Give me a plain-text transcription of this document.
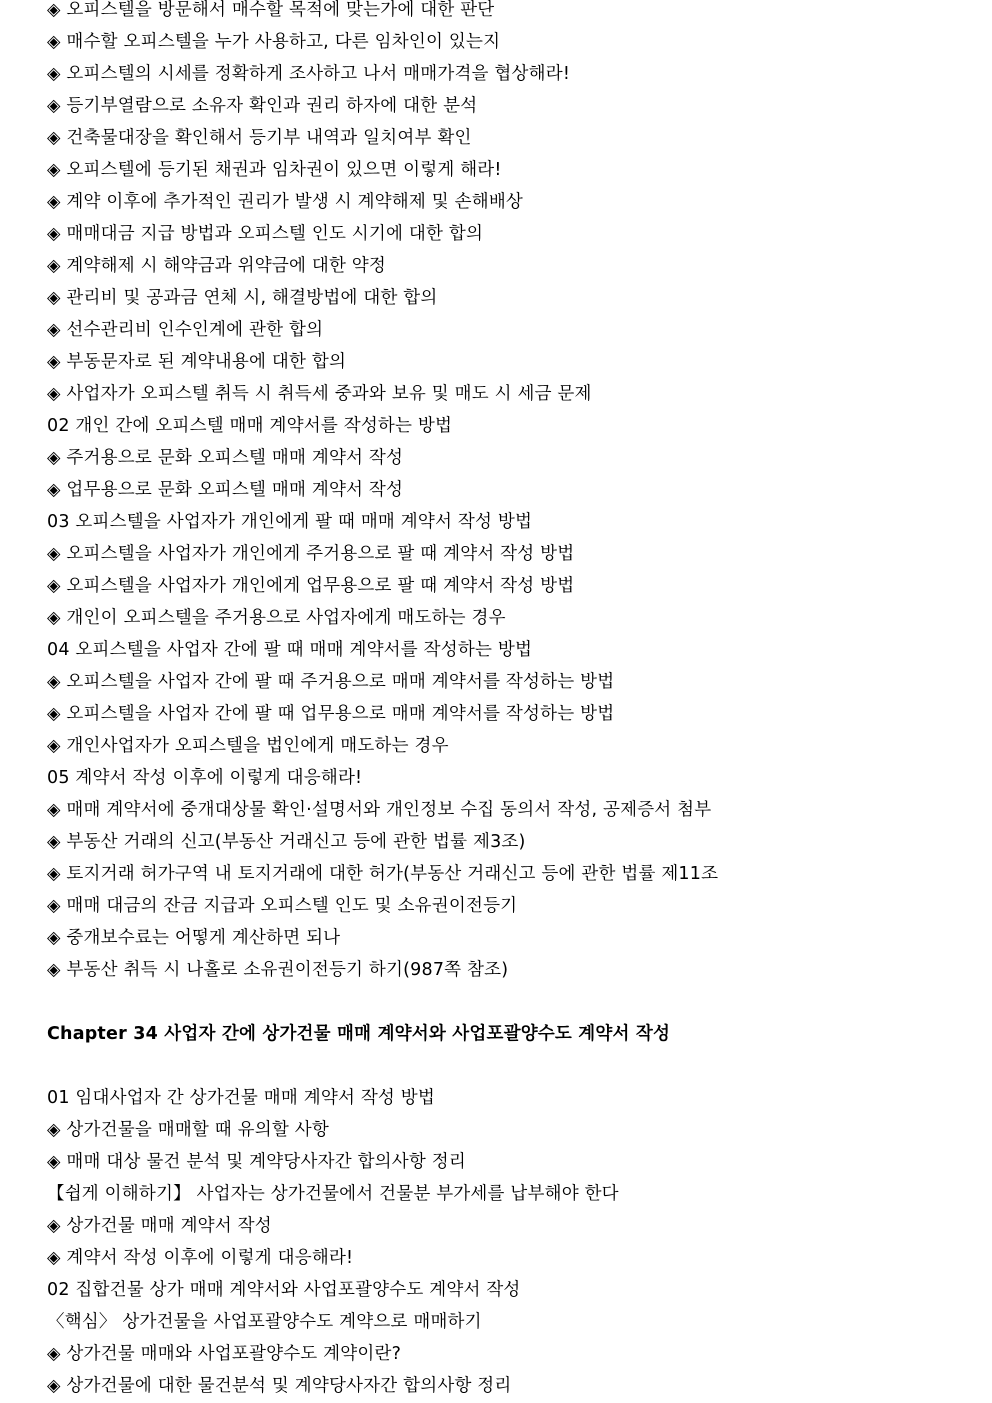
◈ 오피스텔을 방문해서 매수할 목적에 맞는가에 대한 판단
◈ 매수할 오피스텔을 누가 사용하고, 다른 임차인이 있는지
◈ 오피스텔의 시세를 정확하게 조사하고 나서 매매가격을 협상해라!
◈ 등기부열람으로 소유자 확인과 권리 하자에 대한 분석
◈ 건축물대장을 확인해서 등기부 내역과 일치여부 확인
◈ 오피스텔에 등기된 채권과 임차권이 있으면 이렇게 해라!
◈ 계약 이후에 추가적인 권리가 발생 시 계약해제 및 손해배상
◈ 매매대금 지급 방법과 오피스텔 인도 시기에 대한 합의
◈ 계약해제 시 해약금과 위약금에 대한 약정
◈ 관리비 및 공과금 연체 시, 해결방법에 대한 합의
◈ 선수관리비 인수인계에 관한 합의
◈ 부동문자로 된 계약내용에 대한 합의
◈ 사업자가 오피스텔 취득 시 취득세 중과와 보유 및 매도 시 세금 문제
02 개인 간에 오피스텔 매매 계약서를 작성하는 방법
◈ 주거용으로 문화 오피스텔 매매 계약서 작성
◈ 업무용으로 문화 오피스텔 매매 계약서 작성
03 오피스텔을 사업자가 개인에게 팔 때 매매 계약서 작성 방법
◈ 오피스텔을 사업자가 개인에게 주거용으로 팔 때 계약서 작성 방법
◈ 오피스텔을 사업자가 개인에게 업무용으로 팔 때 계약서 작성 방법
◈ 개인이 오피스텔을 주거용으로 사업자에게 매도하는 경우
04 오피스텔을 사업자 간에 팔 때 매매 계약서를 작성하는 방법
◈ 오피스텔을 사업자 간에 팔 때 주거용으로 매매 계약서를 작성하는 방법
◈ 오피스텔을 사업자 간에 팔 때 업무용으로 매매 계약서를 작성하는 방법
◈ 개인사업자가 오피스텔을 법인에게 매도하는 경우
05 계약서 작성 이후에 이렇게 대응해라!
◈ 매매 계약서에 중개대상물 확인·설명서와 개인정보 수집 동의서 작성, 공제증서 첨부
◈ 부동산 거래의 신고(부동산 거래신고 등에 관한 법률 제3조)
◈ 토지거래 허가구역 내 토지거래에 대한 허가(부동산 거래신고 등에 관한 법률 제11조
◈ 매매 대금의 잔금 지급과 오피스텔 인도 및 소유권이전등기
◈ 중개보수료는 어떻게 계산하면 되나
◈ 부동산 취득 시 나홀로 소유권이전등기 하기(987쪽 참조)
Chapter 34 사업자 간에 상가건물 매매 계약서와 사업포괄양수도 계약서 작성
01 임대사업자 간 상가건물 매매 계약서 작성 방법
◈ 상가건물을 매매할 때 유의할 사항
◈ 매매 대상 물건 분석 및 계약당사자간 합의사항 정리
【쉽게 이해하기】 사업자는 상가건물에서 건물분 부가세를 납부해야 한다
◈ 상가건물 매매 계약서 작성
◈ 계약서 작성 이후에 이렇게 대응해라!
02 집합건물 상가 매매 계약서와 사업포괄양수도 계약서 작성
〈핵심〉 상가건물을 사업포괄양수도 계약으로 매매하기
◈ 상가건물 매매와 사업포괄양수도 계약이란?
◈ 상가건물에 대한 물건분석 및 계약당사자간 합의사항 정리
